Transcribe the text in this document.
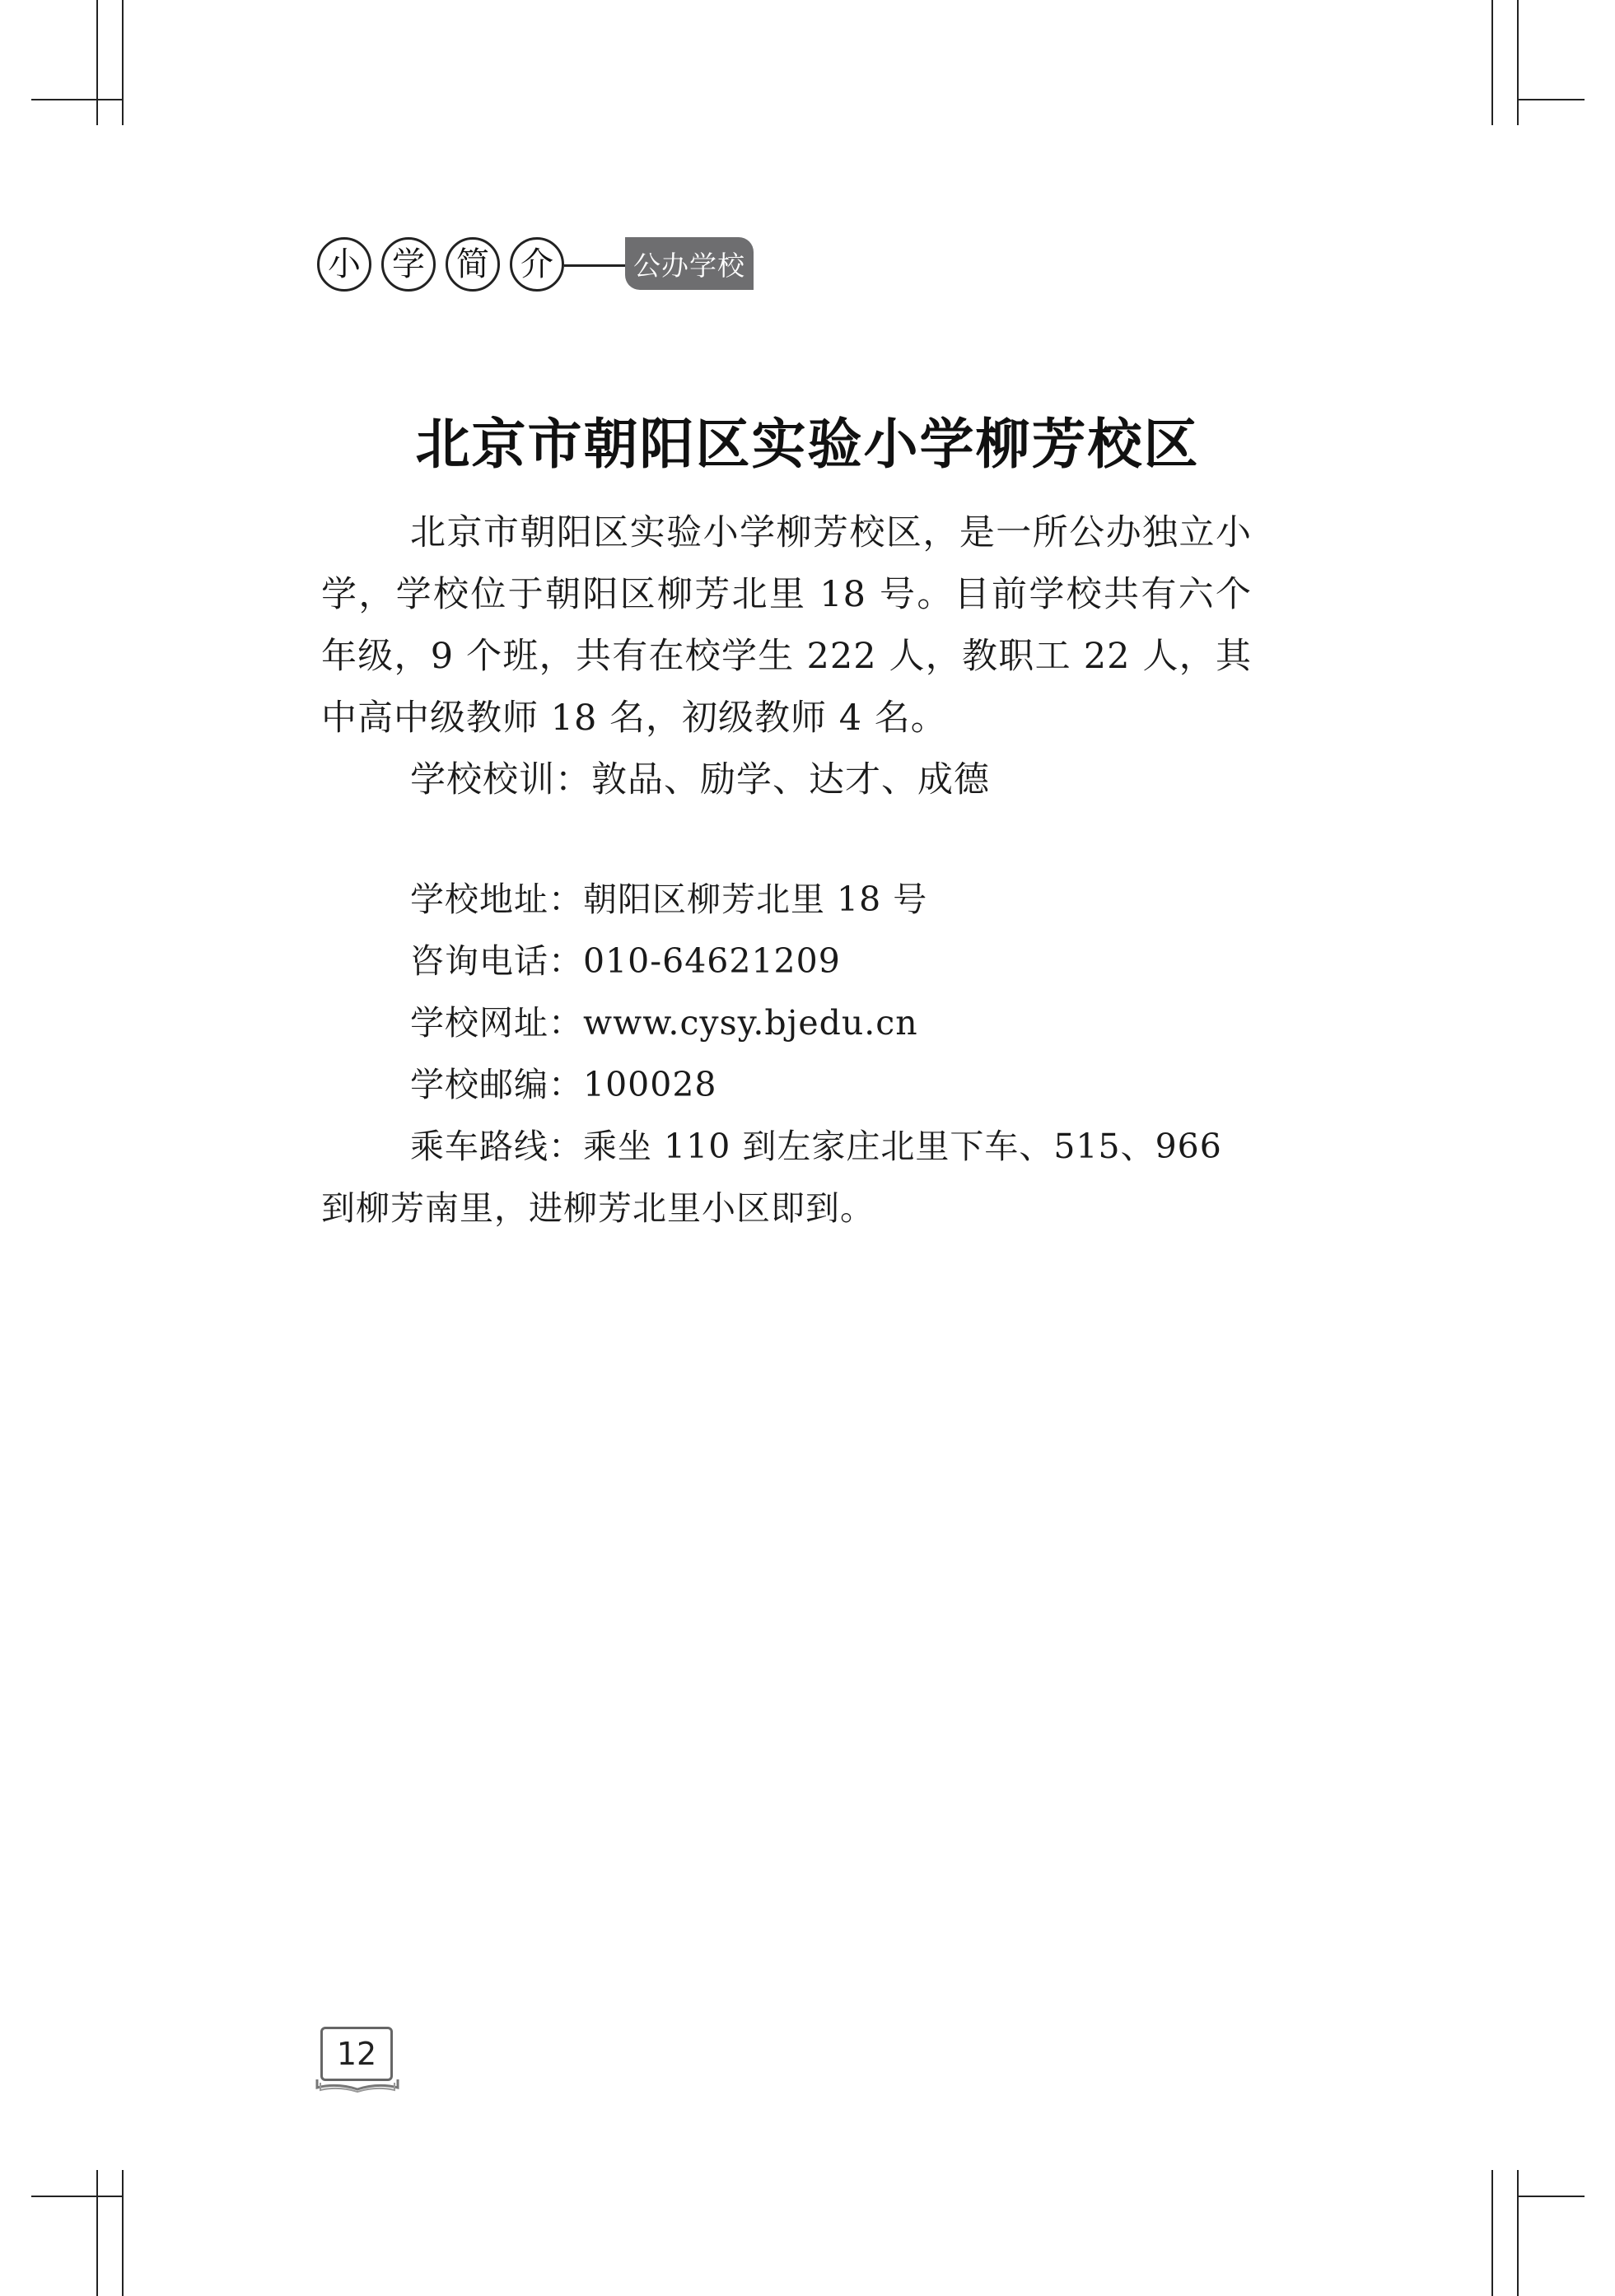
小 学 简 介	公办学校
北京市朝阳区实验小学柳芳校区

北京市朝阳区实验小学柳芳校区，是一所公办独立小学，学校位于朝阳区柳芳北里 18 号。目前学校共有六个年级，9 个班，共有在校学生 222 人，教职工 22 人，其中高中级教师 18 名，初级教师 4 名。

学校校训：敦品、励学、达才、成德

学校地址：朝阳区柳芳北里 18 号

咨询电话：010-64621209

学校网址：www.cysy.bjedu.cn

学校邮编：100028

乘车路线：乘坐 110 到左家庄北里下车、515、966 到柳芳南里，进柳芳北里小区即到。

12
